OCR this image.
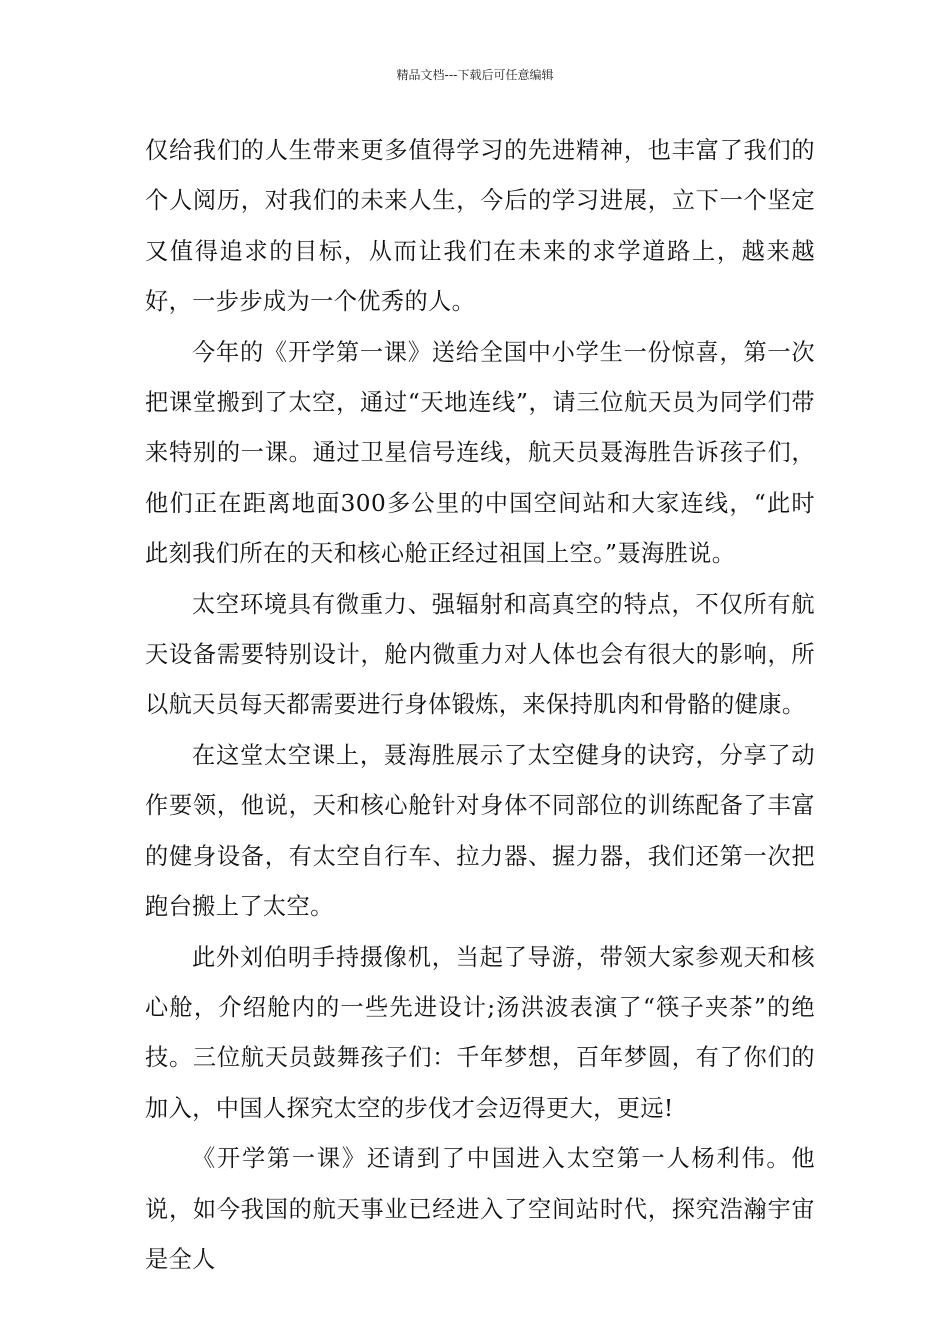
精品文档---下载后可任意编辑

仅给我们的人生带来更多值得学习的先进精神，也丰富了我们的个人阅历，对我们的未来人生，今后的学习进展，立下一个坚定又值得追求的目标，从而让我们在未来的求学道路上，越来越好，一步步成为一个优秀的人。

今年的《开学第一课》送给全国中小学生一份惊喜，第一次把课堂搬到了太空，通过“天地连线”，请三位航天员为同学们带来特别的一课。通过卫星信号连线，航天员聂海胜告诉孩子们，他们正在距离地面300多公里的中国空间站和大家连线，“此时此刻我们所在的天和核心舱正经过祖国上空。”聂海胜说。

太空环境具有微重力、强辐射和高真空的特点，不仅所有航天设备需要特别设计，舱内微重力对人体也会有很大的影响，所以航天员每天都需要进行身体锻炼，来保持肌肉和骨骼的健康。

在这堂太空课上，聂海胜展示了太空健身的诀窍，分享了动作要领，他说，天和核心舱针对身体不同部位的训练配备了丰富的健身设备，有太空自行车、拉力器、握力器，我们还第一次把跑台搬上了太空。

此外刘伯明手持摄像机，当起了导游，带领大家参观天和核心舱，介绍舱内的一些先进设计;汤洪波表演了“筷子夹茶”的绝技。三位航天员鼓舞孩子们：千年梦想，百年梦圆，有了你们的加入，中国人探究太空的步伐才会迈得更大，更远!

《开学第一课》还请到了中国进入太空第一人杨利伟。他说，如今我国的航天事业已经进入了空间站时代，探究浩瀚宇宙是全人
